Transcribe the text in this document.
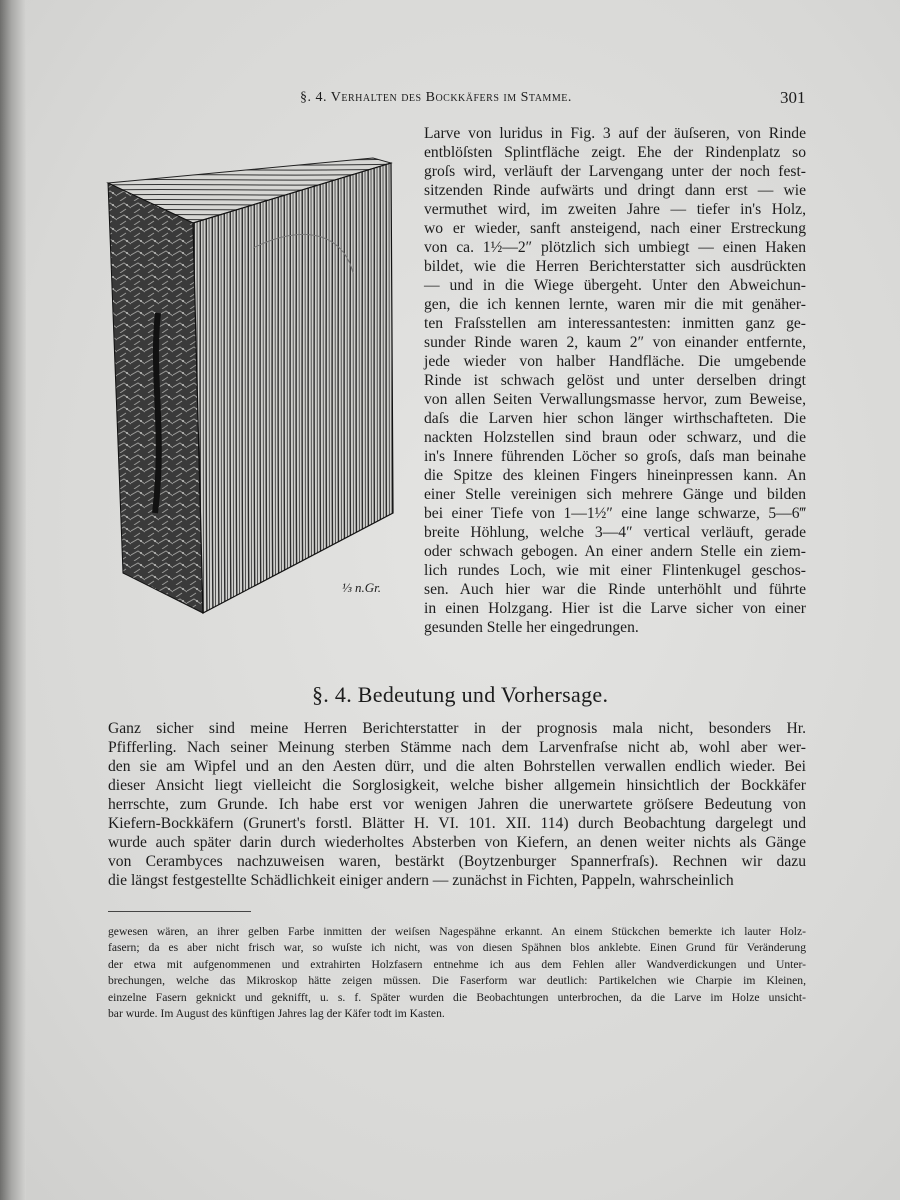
§. 4. Verhalten des Bockkäfers im Stamme.	301
⅓ n.Gr.
Larve von luridus in Fig. 3 auf der äuſseren, von Rinde
entblöſsten Splintfläche zeigt. Ehe der Rindenplatz so
groſs wird, verläuft der Larvengang unter der noch fest-
sitzenden Rinde aufwärts und dringt dann erst — wie
vermuthet wird, im zweiten Jahre — tiefer in's Holz,
wo er wieder, sanft ansteigend, nach einer Erstreckung
von ca. 1½—2″ plötzlich sich umbiegt — einen Haken
bildet, wie die Herren Berichterstatter sich ausdrückten
— und in die Wiege übergeht. Unter den Abweichun-
gen, die ich kennen lernte, waren mir die mit genäher-
ten Fraſsstellen am interessantesten: inmitten ganz ge-
sunder Rinde waren 2, kaum 2″ von einander entfernte,
jede wieder von halber Handfläche. Die umgebende
Rinde ist schwach gelöst und unter derselben dringt
von allen Seiten Verwallungsmasse hervor, zum Beweise,
daſs die Larven hier schon länger wirthschafteten. Die
nackten Holzstellen sind braun oder schwarz, und die
in's Innere führenden Löcher so groſs, daſs man beinahe
die Spitze des kleinen Fingers hineinpressen kann. An
einer Stelle vereinigen sich mehrere Gänge und bilden
bei einer Tiefe von 1—1½″ eine lange schwarze, 5—6‴
breite Höhlung, welche 3—4″ vertical verläuft, gerade
oder schwach gebogen. An einer andern Stelle ein ziem-
lich rundes Loch, wie mit einer Flintenkugel geschos-
sen. Auch hier war die Rinde unterhöhlt und führte
in einen Holzgang. Hier ist die Larve sicher von einer
gesunden Stelle her eingedrungen.
§. 4. Bedeutung und Vorhersage.
Ganz sicher sind meine Herren Berichterstatter in der prognosis mala nicht, besonders Hr.
Pfifferling. Nach seiner Meinung sterben Stämme nach dem Larvenfraſse nicht ab, wohl aber wer-
den sie am Wipfel und an den Aesten dürr, und die alten Bohrstellen verwallen endlich wieder. Bei
dieser Ansicht liegt vielleicht die Sorglosigkeit, welche bisher allgemein hinsichtlich der Bockkäfer
herrschte, zum Grunde. Ich habe erst vor wenigen Jahren die unerwartete gröſsere Bedeutung von
Kiefern-Bockkäfern (Grunert's forstl. Blätter H. VI. 101. XII. 114) durch Beobachtung dargelegt und
wurde auch später darin durch wiederholtes Absterben von Kiefern, an denen weiter nichts als Gänge
von Cerambyces nachzuweisen waren, bestärkt (Boytzenburger Spannerfraſs). Rechnen wir dazu
die längst festgestellte Schädlichkeit einiger andern — zunächst in Fichten, Pappeln, wahrscheinlich
gewesen wären, an ihrer gelben Farbe inmitten der weiſsen Nagespähne erkannt. An einem Stückchen bemerkte ich lauter Holz-
fasern; da es aber nicht frisch war, so wuſste ich nicht, was von diesen Spähnen blos anklebte. Einen Grund für Veränderung
der etwa mit aufgenommenen und extrahirten Holzfasern entnehme ich aus dem Fehlen aller Wandverdickungen und Unter-
brechungen, welche das Mikroskop hätte zeigen müssen. Die Faserform war deutlich: Partikelchen wie Charpie im Kleinen,
einzelne Fasern geknickt und geknifft, u. s. f. Später wurden die Beobachtungen unterbrochen, da die Larve im Holze unsicht-
bar wurde. Im August des künftigen Jahres lag der Käfer todt im Kasten.
